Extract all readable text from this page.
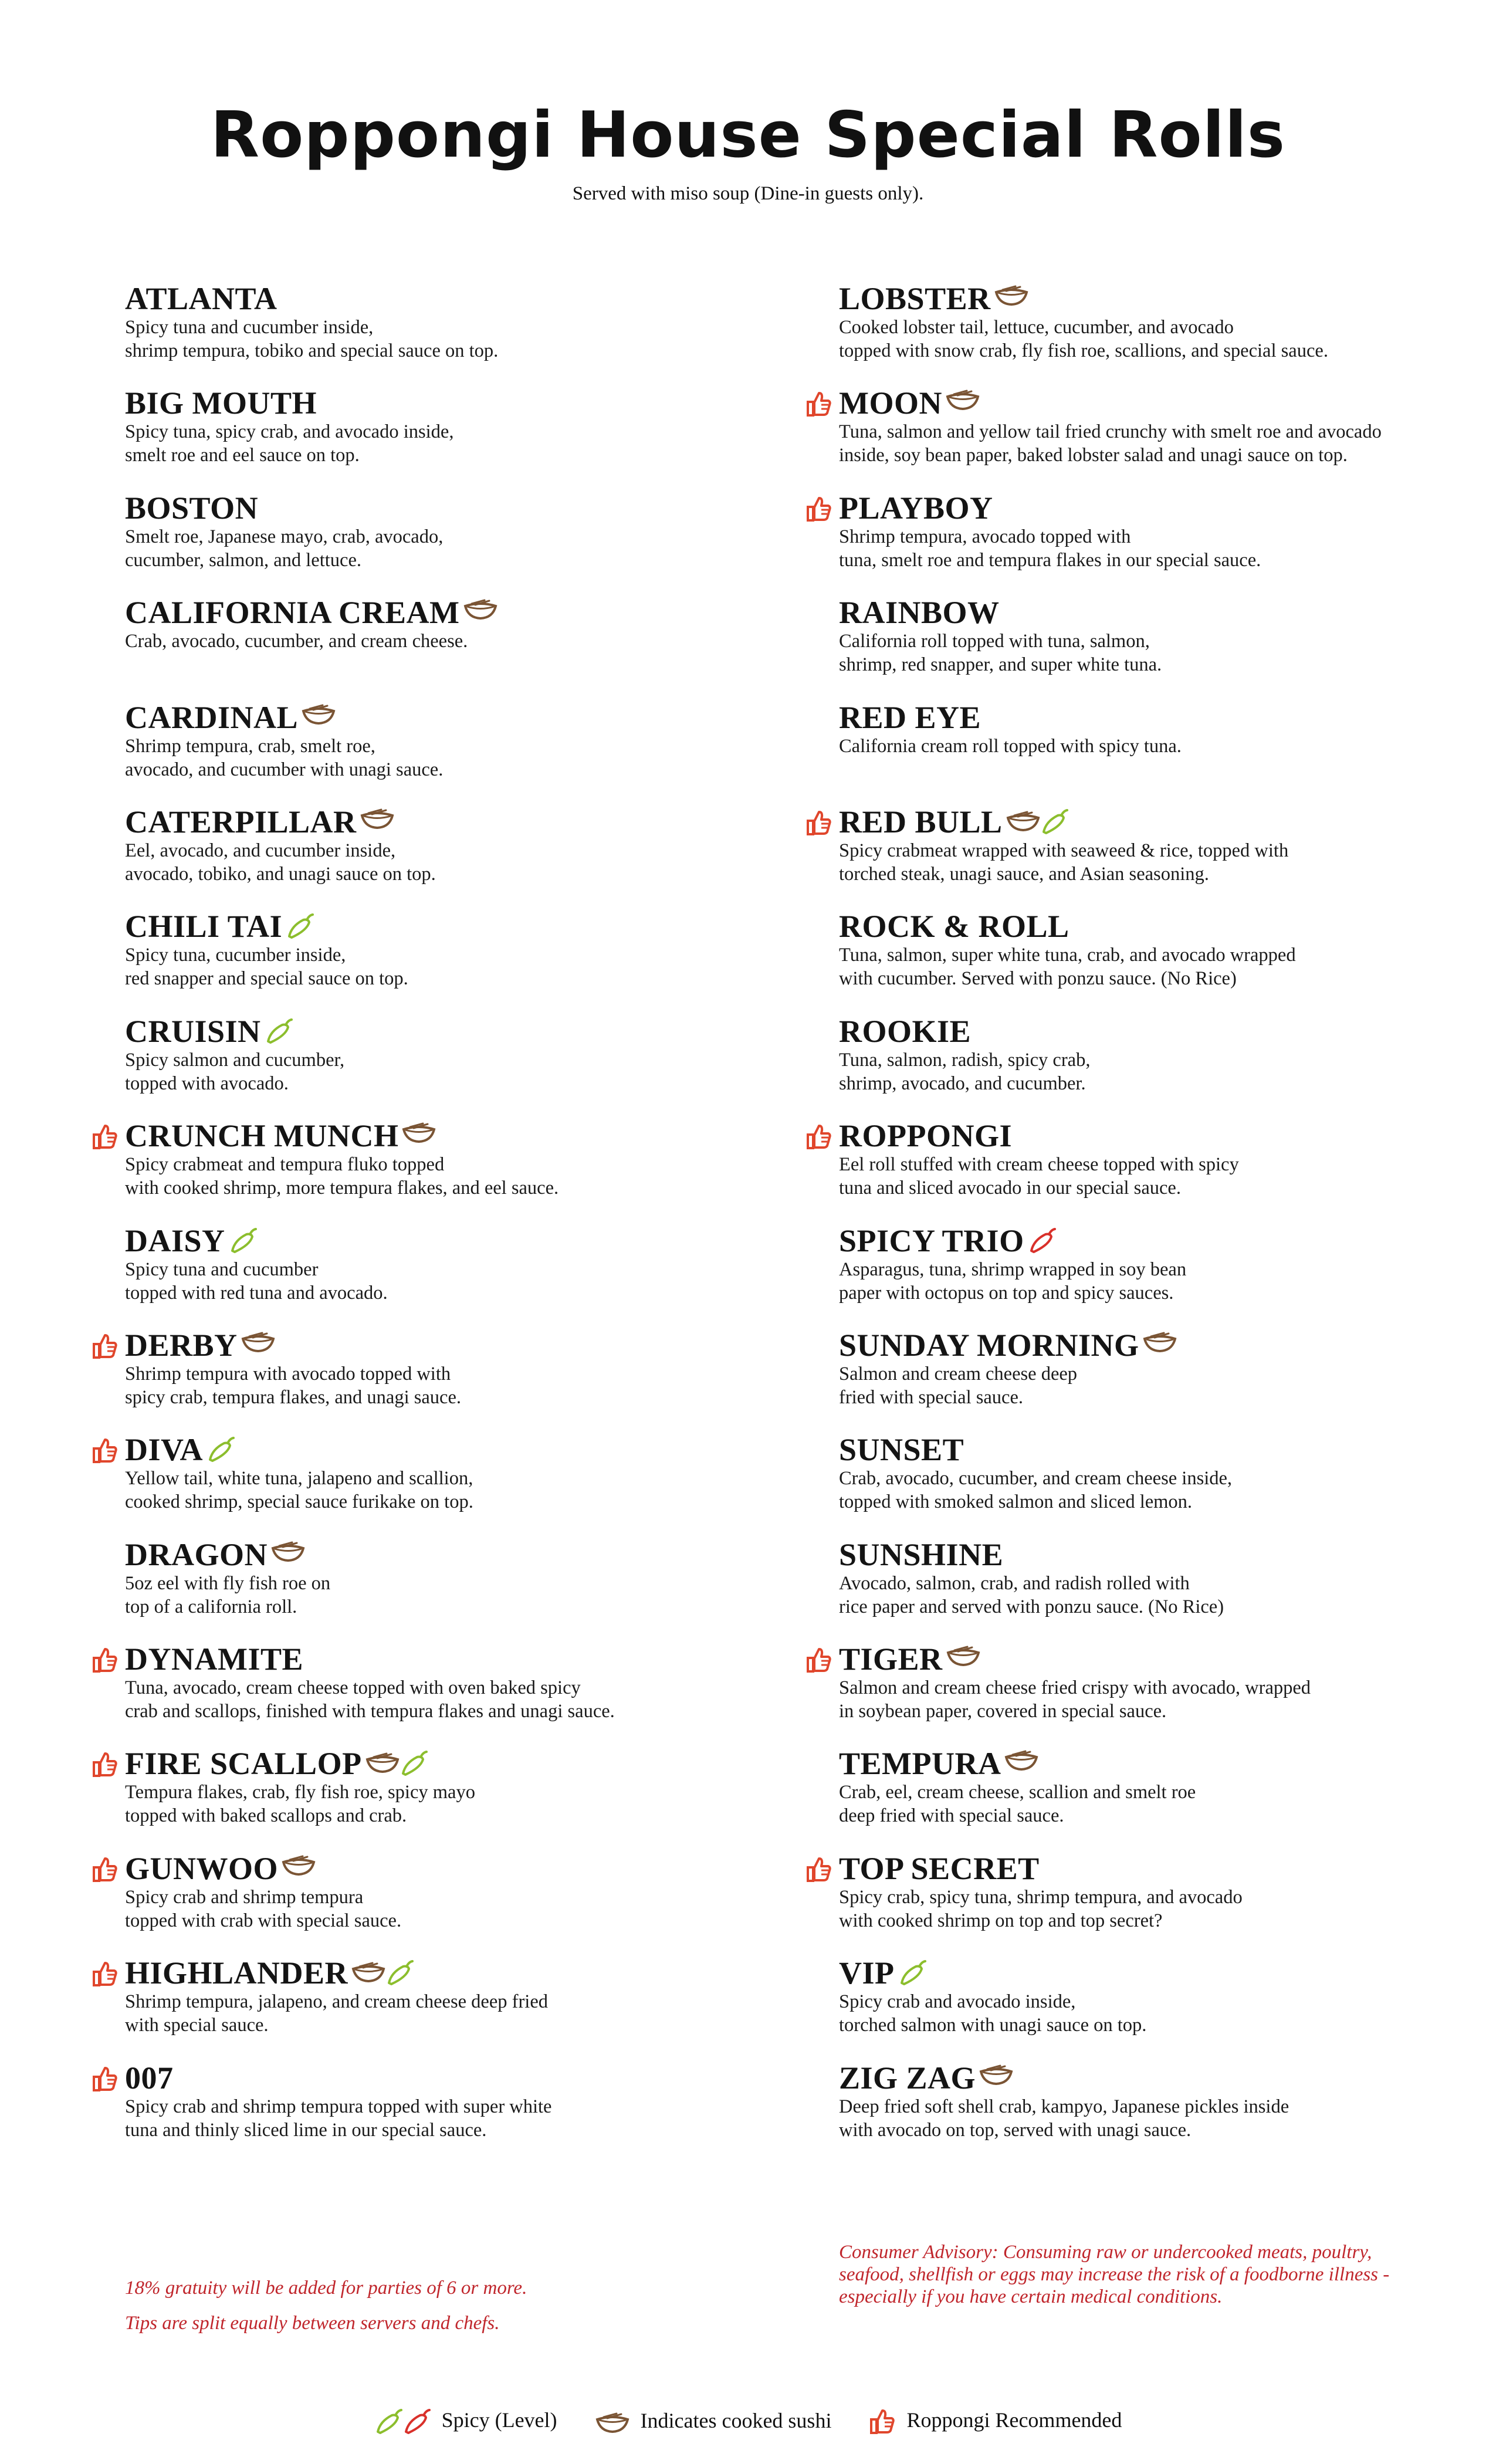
Roppongi House Special Rolls
Served with miso soup (Dine-in guests only).
ATLANTA
Spicy tuna and cucumber inside,
shrimp tempura, tobiko and special sauce on top.
BIG MOUTH
Spicy tuna, spicy crab, and avocado inside,
smelt roe and eel sauce on top.
BOSTON
Smelt roe, Japanese mayo, crab, avocado,
cucumber, salmon, and lettuce.
CALIFORNIA CREAM
Crab, avocado, cucumber, and cream cheese.
CARDINAL
Shrimp tempura, crab, smelt roe,
avocado, and cucumber with unagi sauce.
CATERPILLAR
Eel, avocado, and cucumber inside,
avocado, tobiko, and unagi sauce on top.
CHILI TAI
Spicy tuna, cucumber inside,
red snapper and special sauce on top.
CRUISIN
Spicy salmon and cucumber,
topped with avocado.
CRUNCH MUNCH
Spicy crabmeat and tempura fluko topped
with cooked shrimp, more tempura flakes, and eel sauce.
DAISY
Spicy tuna and cucumber
topped with red tuna and avocado.
DERBY
Shrimp tempura with avocado topped with
spicy crab, tempura flakes, and unagi sauce.
DIVA
Yellow tail, white tuna, jalapeno and scallion,
cooked shrimp, special sauce furikake on top.
DRAGON
5oz eel with fly fish roe on
top of a california roll.
DYNAMITE
Tuna, avocado, cream cheese topped with oven baked spicy
crab and scallops, finished with tempura flakes and unagi sauce.
FIRE SCALLOP
Tempura flakes, crab, fly fish roe, spicy mayo
topped with baked scallops and crab.
GUNWOO
Spicy crab and shrimp tempura
topped with crab with special sauce.
HIGHLANDER
Shrimp tempura, jalapeno, and cream cheese deep fried
with special sauce.
007
Spicy crab and shrimp tempura topped with super white
tuna and thinly sliced lime in our special sauce.
LOBSTER
Cooked lobster tail, lettuce, cucumber, and avocado
topped with snow crab, fly fish roe, scallions, and special sauce.
MOON
Tuna, salmon and yellow tail fried crunchy with smelt roe and avocado
inside, soy bean paper, baked lobster salad and unagi sauce on top.
PLAYBOY
Shrimp tempura, avocado topped with
tuna, smelt roe and tempura flakes in our special sauce.
RAINBOW
California roll topped with tuna, salmon,
shrimp, red snapper, and super white tuna.
RED EYE
California cream roll topped with spicy tuna.
RED BULL
Spicy crabmeat wrapped with seaweed & rice, topped with
torched steak, unagi sauce, and Asian seasoning.
ROCK & ROLL
Tuna, salmon, super white tuna, crab, and avocado wrapped
with cucumber. Served with ponzu sauce. (No Rice)
ROOKIE
Tuna, salmon, radish, spicy crab,
shrimp, avocado, and cucumber.
ROPPONGI
Eel roll stuffed with cream cheese topped with spicy
tuna and sliced avocado in our special sauce.
SPICY TRIO
Asparagus, tuna, shrimp wrapped in soy bean
paper with octopus on top and spicy sauces.
SUNDAY MORNING
Salmon and cream cheese deep
fried with special sauce.
SUNSET
Crab, avocado, cucumber, and cream cheese inside,
topped with smoked salmon and sliced lemon.
SUNSHINE
Avocado, salmon, crab, and radish rolled with
rice paper and served with ponzu sauce. (No Rice)
TIGER
Salmon and cream cheese fried crispy with avocado, wrapped
in soybean paper, covered in special sauce.
TEMPURA
Crab, eel, cream cheese, scallion and smelt roe
deep fried with special sauce.
TOP SECRET
Spicy crab, spicy tuna, shrimp tempura, and avocado
with cooked shrimp on top and top secret?
VIP
Spicy crab and avocado inside,
torched salmon with unagi sauce on top.
ZIG ZAG
Deep fried soft shell crab, kampyo, Japanese pickles inside
with avocado on top, served with unagi sauce.
18% gratuity will be added for parties of 6 or more.
Tips are split equally between servers and chefs.
Consumer Advisory: Consuming raw or undercooked meats, poultry, seafood, shellfish or eggs may increase the risk of a foodborne illness - especially if you have certain medical conditions.
Spicy (Level)	Indicates cooked sushi	Roppongi Recommended
